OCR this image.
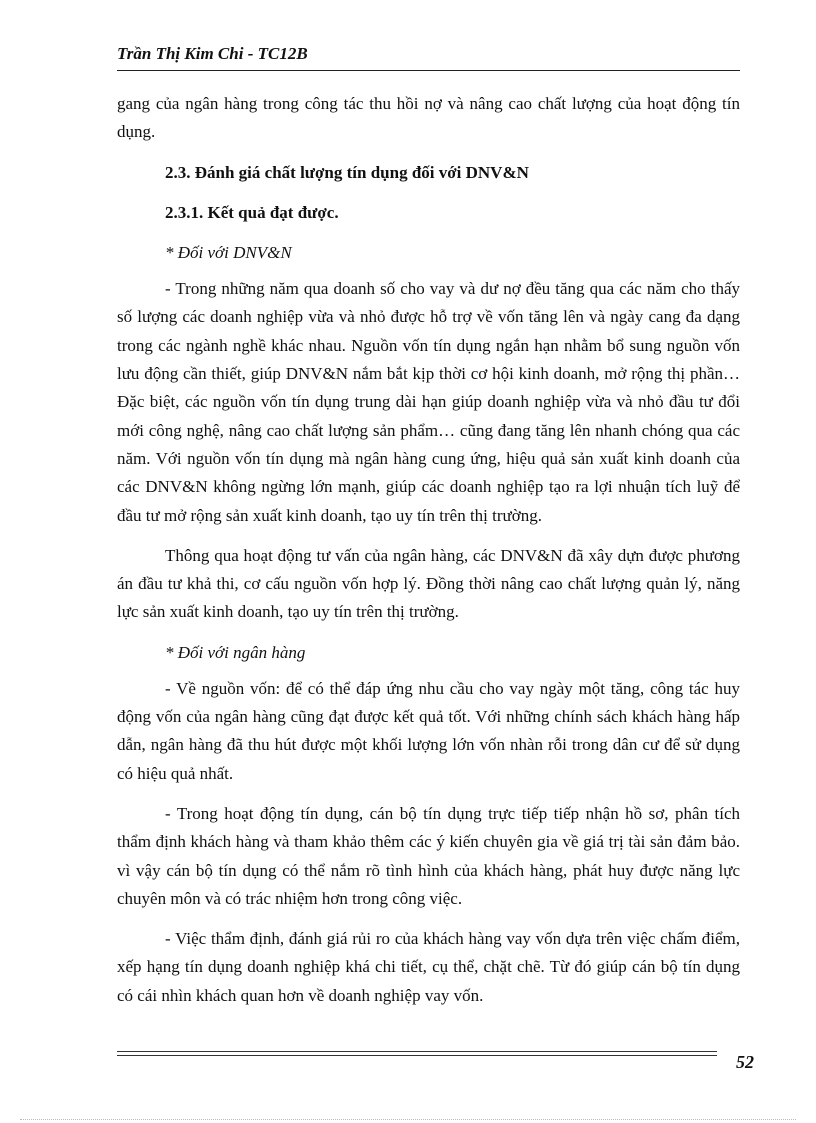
Trần Thị Kim Chi - TC12B

gang của ngân hàng trong công tác thu hồi nợ và nâng cao chất lượng của hoạt động tín dụng.

2.3. Đánh giá chất lượng tín dụng đối với DNV&N

2.3.1. Kết quả đạt được.

* Đối với DNV&N

- Trong những năm qua doanh số cho vay và dư nợ đều tăng qua các năm cho thấy số lượng các doanh nghiệp vừa và nhỏ được hỗ trợ về vốn tăng lên và ngày cang đa dạng trong các ngành nghề khác nhau. Nguồn vốn tín dụng ngắn hạn nhằm bổ sung nguồn vốn lưu động cần thiết, giúp DNV&N nắm bắt kịp thời cơ hội kinh doanh, mở rộng thị phần… Đặc biệt, các nguồn vốn tín dụng trung dài hạn giúp doanh nghiệp vừa và nhỏ đầu tư đổi mới công nghệ, nâng cao chất lượng sản phẩm… cũng đang tăng lên nhanh chóng qua các năm. Với nguồn vốn tín dụng mà ngân hàng cung ứng, hiệu quả sản xuất kinh doanh của các DNV&N không ngừng lớn mạnh, giúp các doanh nghiệp tạo ra lợi nhuận tích luỹ để đầu tư mở rộng sản xuất kinh doanh, tạo uy tín trên thị trường.

Thông qua hoạt động tư vấn của ngân hàng, các DNV&N đã xây dựn được phương án đầu tư khả thi, cơ cấu nguồn vốn hợp lý. Đồng thời nâng cao chất lượng quản lý, năng lực sản xuất kinh doanh, tạo uy tín trên thị trường.

* Đối với ngân hàng

- Về nguồn vốn: để có thể đáp ứng nhu cầu cho vay ngày một tăng, công tác huy động vốn của ngân hàng cũng đạt được kết quả tốt. Với những chính sách khách hàng hấp dẫn, ngân hàng đã thu hút được một khối lượng lớn vốn nhàn rỗi trong dân cư để sử dụng có hiệu quả nhất.

- Trong hoạt động tín dụng, cán bộ tín dụng trực tiếp tiếp nhận hồ sơ, phân tích thẩm định khách hàng và tham khảo thêm các ý kiến chuyên gia về giá trị tài sản đảm bảo. vì vậy cán bộ tín dụng có thể nắm rõ tình hình của khách hàng, phát huy được năng lực chuyên môn và có trác nhiệm hơn trong công việc.

- Việc thẩm định, đánh giá rủi ro của khách hàng vay vốn dựa trên việc chấm điểm, xếp hạng tín dụng doanh nghiệp khá chi tiết, cụ thể, chặt chẽ. Từ đó giúp cán bộ tín dụng có cái nhìn khách quan hơn về doanh nghiệp vay vốn.

52
